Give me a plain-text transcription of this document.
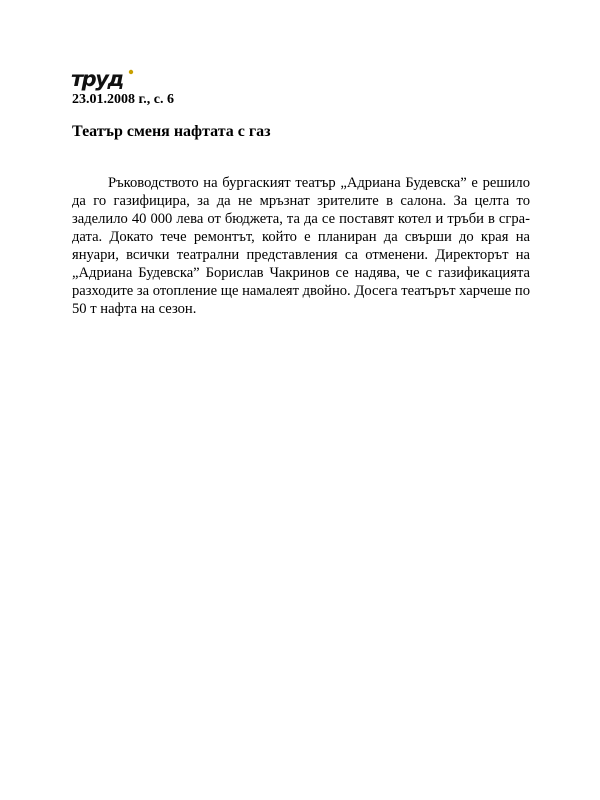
труд
23.01.2008 г., с. 6
Театър сменя нафтата с газ
Ръководството на бургаският театър „Адриана Будевска” е решило
да го газифицира, за да не мръзнат зрителите в салона. За целта то
заделило 40 000 лева от бюджета, та да се поставят котел и тръби в сгра-
дата. Докато тече ремонтът, който е планиран да свърши до края на
януари, всички театрални представления са отменени. Директорът на
„Адриана Будевска” Борислав Чакринов се надява, че с газификацията
разходите за отопление ще намалеят двойно. Досега театърът харчеше по
50 т нафта на сезон.
